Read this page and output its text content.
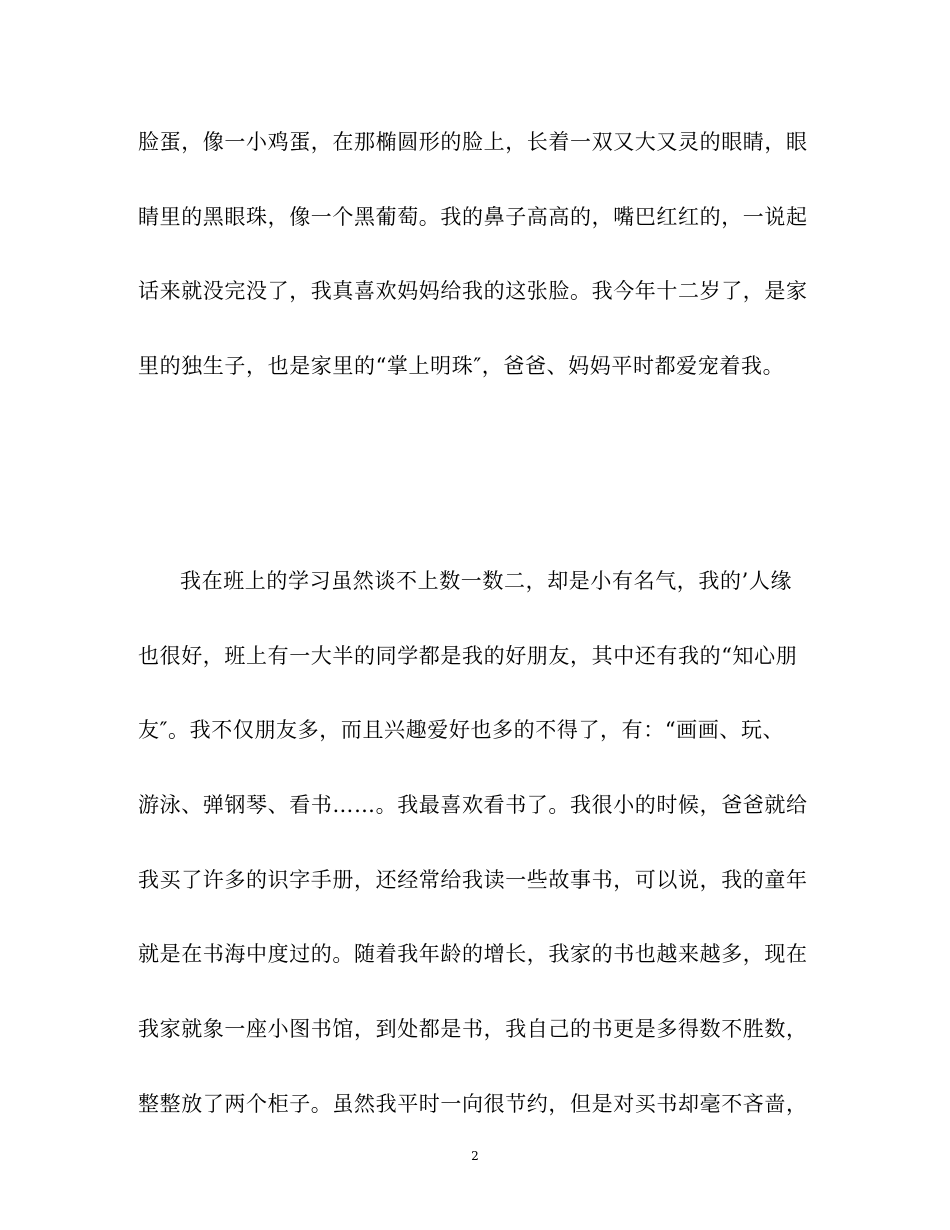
脸蛋，像一小鸡蛋，在那椭圆形的脸上，长着一双又大又灵的眼睛，眼
睛里的黑眼珠，像一个黑葡萄。我的鼻子高高的，嘴巴红红的，一说起
话来就没完没了，我真喜欢妈妈给我的这张脸。我今年十二岁了，是家
里的独生子，也是家里的“掌上明珠″，爸爸、妈妈平时都爱宠着我。
我在班上的学习虽然谈不上数一数二，却是小有名气，我的’人缘
也很好，班上有一大半的同学都是我的好朋友，其中还有我的“知心朋
友″。我不仅朋友多，而且兴趣爱好也多的不得了，有：“画画、玩、
游泳、弹钢琴、看书……。我最喜欢看书了。我很小的时候，爸爸就给
我买了许多的识字手册，还经常给我读一些故事书，可以说，我的童年
就是在书海中度过的。随着我年龄的增长，我家的书也越来越多，现在
我家就象一座小图书馆，到处都是书，我自己的书更是多得数不胜数，
整整放了两个柜子。虽然我平时一向很节约，但是对买书却毫不吝啬，
2
